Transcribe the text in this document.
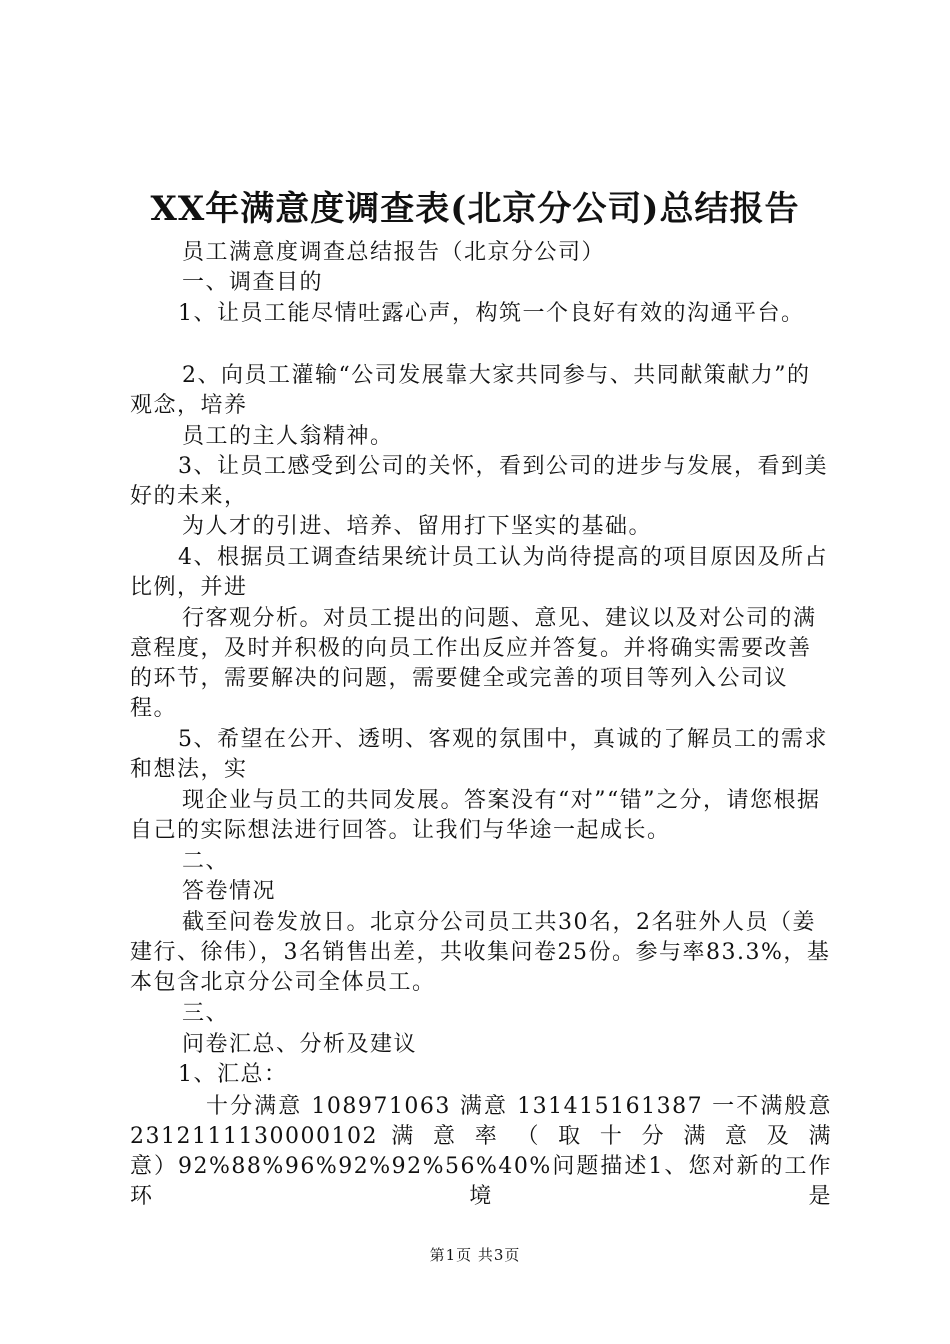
XX年满意度调查表(北京分公司)总结报告

员工满意度调查总结报告（北京分公司）

一、调查目的

1、让员工能尽情吐露心声，构筑一个良好有效的沟通平台。

2、向员工灌输“公司发展靠大家共同参与、共同献策献力”的观念，培养

员工的主人翁精神。

3、让员工感受到公司的关怀，看到公司的进步与发展，看到美好的未来，

为人才的引进、培养、留用打下坚实的基础。

4、根据员工调查结果统计员工认为尚待提高的项目原因及所占比例，并进

行客观分析。对员工提出的问题、意见、建议以及对公司的满意程度，及时并积极的向员工作出反应并答复。并将确实需要改善的环节，需要解决的问题，需要健全或完善的项目等列入公司议程。

5、希望在公开、透明、客观的氛围中，真诚的了解员工的需求和想法，实

现企业与员工的共同发展。答案没有“对”“错”之分，请您根据自己的实际想法进行回答。让我们与华途一起成长。

二、

答卷情况

截至问卷发放日。北京分公司员工共30名，2名驻外人员（姜建行、徐伟），3名销售出差，共收集问卷25份。参与率83.3%，基本包含北京分公司全体员工。

三、

问卷汇总、分析及建议

1、汇总：

十分满意 108971063 满意 131415161387 一不满般意

2312111130000102 满 意 率 （ 取 十 分 满 意 及 满

意）92%88%96%92%92%56%40%问题描述1、您对新的工作环境是

第1页 共3页
